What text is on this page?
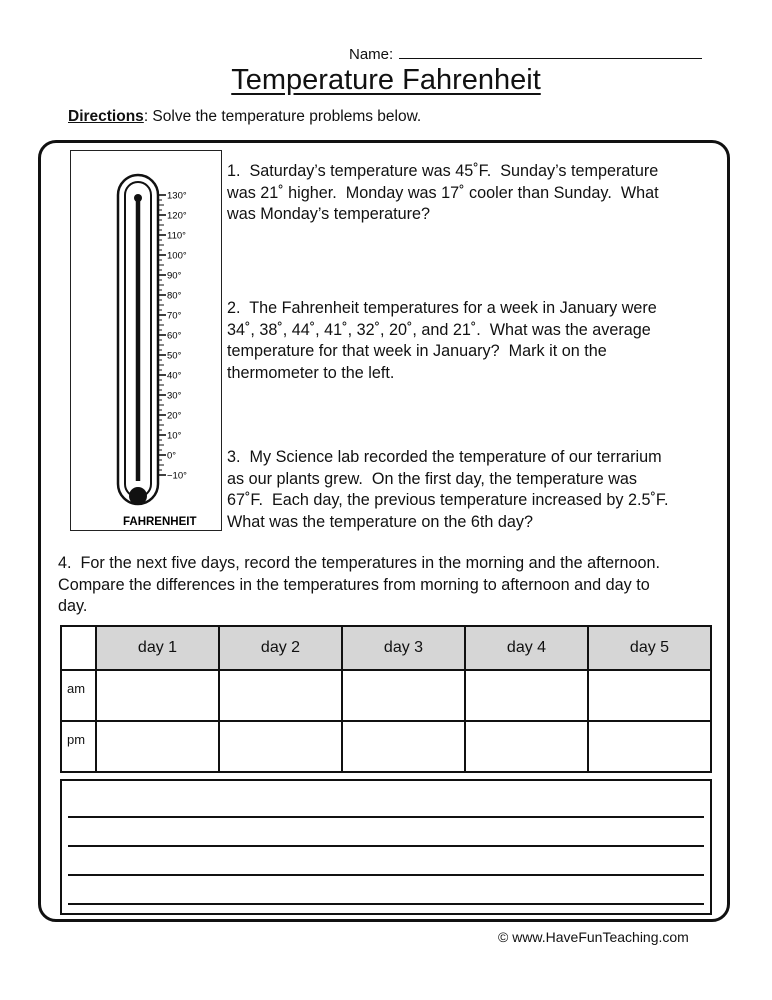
Name:
Temperature Fahrenheit
Directions: Solve the temperature problems below.
130°
120°
110°
100°
90°
80°
70°
60°
50°
40°
30°
20°
10°
0°
−10°
FAHRENHEIT
1.  Saturday’s temperature was 45˚F.  Sunday’s temperature
was 21˚ higher.  Monday was 17˚ cooler than Sunday.  What
was Monday’s temperature?
2.  The Fahrenheit temperatures for a week in January were
34˚, 38˚, 44˚, 41˚, 32˚, 20˚, and 21˚.  What was the average
temperature for that week in January?  Mark it on the
thermometer to the left.
3.  My Science lab recorded the temperature of our terrarium
as our plants grew.  On the first day, the temperature was
67˚F.  Each day, the previous temperature increased by 2.5˚F.
What was the temperature on the 6th day?
4.  For the next five days, record the temperatures in the morning and the afternoon.
Compare the differences in the temperatures from morning to afternoon and day to
day.
	day 1	day 2	day 3	day 4	day 5
am					
pm					
© www.HaveFunTeaching.com
